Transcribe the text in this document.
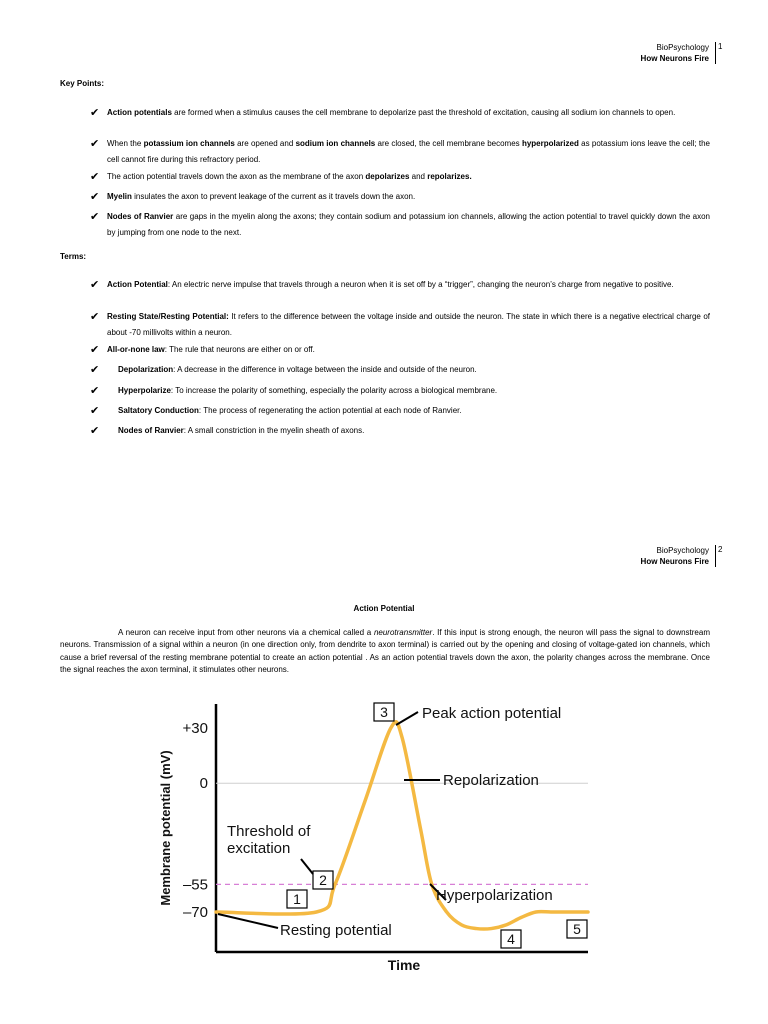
BioPsychology
How Neurons Fire
1
Key Points:
✔ Action potentials are formed when a stimulus causes the cell membrane to depolarize past the threshold of excitation, causing all sodium ion channels to open.
✔ When the potassium ion channels are opened and sodium ion channels are closed, the cell membrane becomes hyperpolarized as potassium ions leave the cell; the cell cannot fire during this refractory period.
✔ The action potential travels down the axon as the membrane of the axon depolarizes and repolarizes.
✔ Myelin insulates the axon to prevent leakage of the current as it travels down the axon.
✔ Nodes of Ranvier are gaps in the myelin along the axons; they contain sodium and potassium ion channels, allowing the action potential to travel quickly down the axon by jumping from one node to the next.
Terms:
✔ Action Potential: An electric nerve impulse that travels through a neuron when it is set off by a “trigger”, changing the neuron’s charge from negative to positive.
✔ Resting State/Resting Potential: It refers to the difference between the voltage inside and outside the neuron. The state in which there is a negative electrical charge of about -70 millivolts within a neuron.
✔ All-or-none law: The rule that neurons are either on or off.
✔ Depolarization: A decrease in the difference in voltage between the inside and outside of the neuron.
✔ Hyperpolarize: To increase the polarity of something, especially the polarity across a biological membrane.
✔ Saltatory Conduction: The process of regenerating the action potential at each node of Ranvier.
✔ Nodes of Ranvier: A small constriction in the myelin sheath of axons.
BioPsychology
How Neurons Fire
2
Action Potential
A neuron can receive input from other neurons via a chemical called a neurotransmitter. If this input is strong enough, the neuron will pass the signal to downstream neurons. Transmission of a signal within a neuron (in one direction only, from dendrite to axon terminal) is carried out by the opening and closing of voltage-gated ion channels, which cause a brief reversal of the resting membrane potential to create an action potential . As an action potential travels down the axon, the polarity changes across the membrane. Once the signal reaches the axon terminal, it stimulates other neurons.
+30
0
–55
–70
Time
Membrane potential (mV)	1
Resting potential
2
Threshold of
excitation
3 Peak action potential
Repolarization
Hyperpolarization
4
5
